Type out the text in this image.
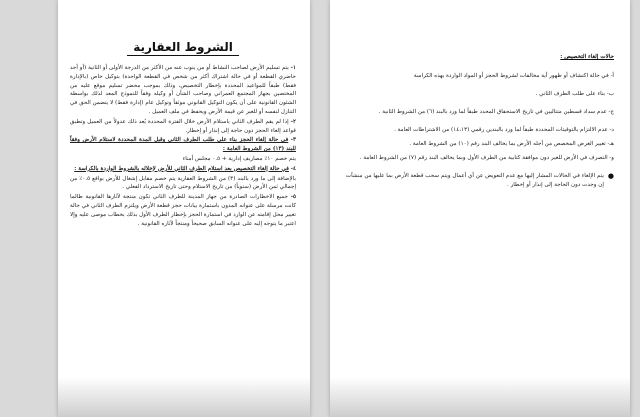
الشروط العقارية

١- يتم تسليم الأرض لصاحب النشاط أو من ينوب عنه من الأكثر من الدرجة الأولى أو الثانية (أو أحد حاضري القطعة أو في حالة اشتراك أكثر من شخص في القطعة الواحدة) بتوكيل خاص (بالإدارة فقط) طبقاً للمواعيد المحددة بإخطار التخصيص، وذلك بموجب محضر تسليم موقع عليه من المختصين بجهاز المجتمع العمراني وصاحب الشأن أو وكيله وفقاً للنموذج المعد لذلك بواسطة الشئون القانونية على أن يكون التوكيل القانوني موثقاً وتوكيل عام (إدارة فقط) لا يتضمن الحق في التنازل لنفسه أو للغير عن قيمة الأرض ويحفظ في ملف العميل .

٢- إذا لم يقم الطرف الثاني باستلام الأرض خلال الفترة المحددة يُعد ذلك عدولاً من العميل وتطبق قواعد إلغاء الحجز دون حاجة إلى إنذار أو إخطار.

٣- في حالة إلغاء الحجز بناء على طلب الطرف الثاني وقبل المدة المحددة لاستلام الأرض وفقاً للبند (١٣) من الشروط العامة :

يتم خصم ١٠٪ مصاريف إدارية + ٠.٥ مجلس أمناء

٤- في حالة إلغاء التخصيص بعد استلام الطرف الثاني للأرض لإخلاله بالشروط الواردة بالكراسة :

بالإضافة إلى ما ورد بالبند (٣) من الشروط العقارية يتم خصم مقابل إشغال للأرض بواقع ٠.٥٪ من إجمالي ثمن الأرض (سنوياً) من تاريخ الاستلام وحتى تاريخ الاسترداد الفعلي .

٥- جميع الاخطارات الصادرة من جهاز المدينة للطرف الثاني تكون منتجة لآثارها القانونية طالما كانت مرسلة على عنوانه المدون باستمارة بيانات حجز قطعة الأرض ويلتزم الطرف الثاني في حالة تغيير محل إقامته عن الوارد في استمارة الحجز بإخطار الطرف الأول بذلك بخطاب موصى عليه وإلا اعتبر ما يتوجه إليه على عنوانه السابق صحيحاً ومنتجاً لآثاره القانونية .

حالات إلغاء التخصيص :

أ- في حالة اكتشاف أو ظهور أية مخالفات لشروط الحجز أو المواد الواردة بهذه الكراسة

ب- بناء على طلب الطرف الثاني .

ج- عدم سداد قسطين متتاليين في تاريخ الاستحقاق المحدد طبقاً لما ورد بالبند (٦) من الشروط الثانية .

د- عدم الالتزام بالتوقيتات المحددة طبقاً لما ورد بالبندين رقمي (١٤،١٣) من الاشتراطات العامة .

هـ- تغيير الغرض المخصص من أجله الأرض بما يخالف البند رقم (١٠) من الشروط العامة .

و- التصرف في الأرض للغير دون موافقة كتابية من الطرف الأول وبما يخالف البند رقم (٧) من الشروط العامة .

●
يتم الإلغاء في الحالات المشار إليها مع عدم التعويض عن أي أعمال ويتم سحب قطعة الأرض بما عليها من منشآت إن وجدت دون الحاجة إلى إنذار أو إخطار .
